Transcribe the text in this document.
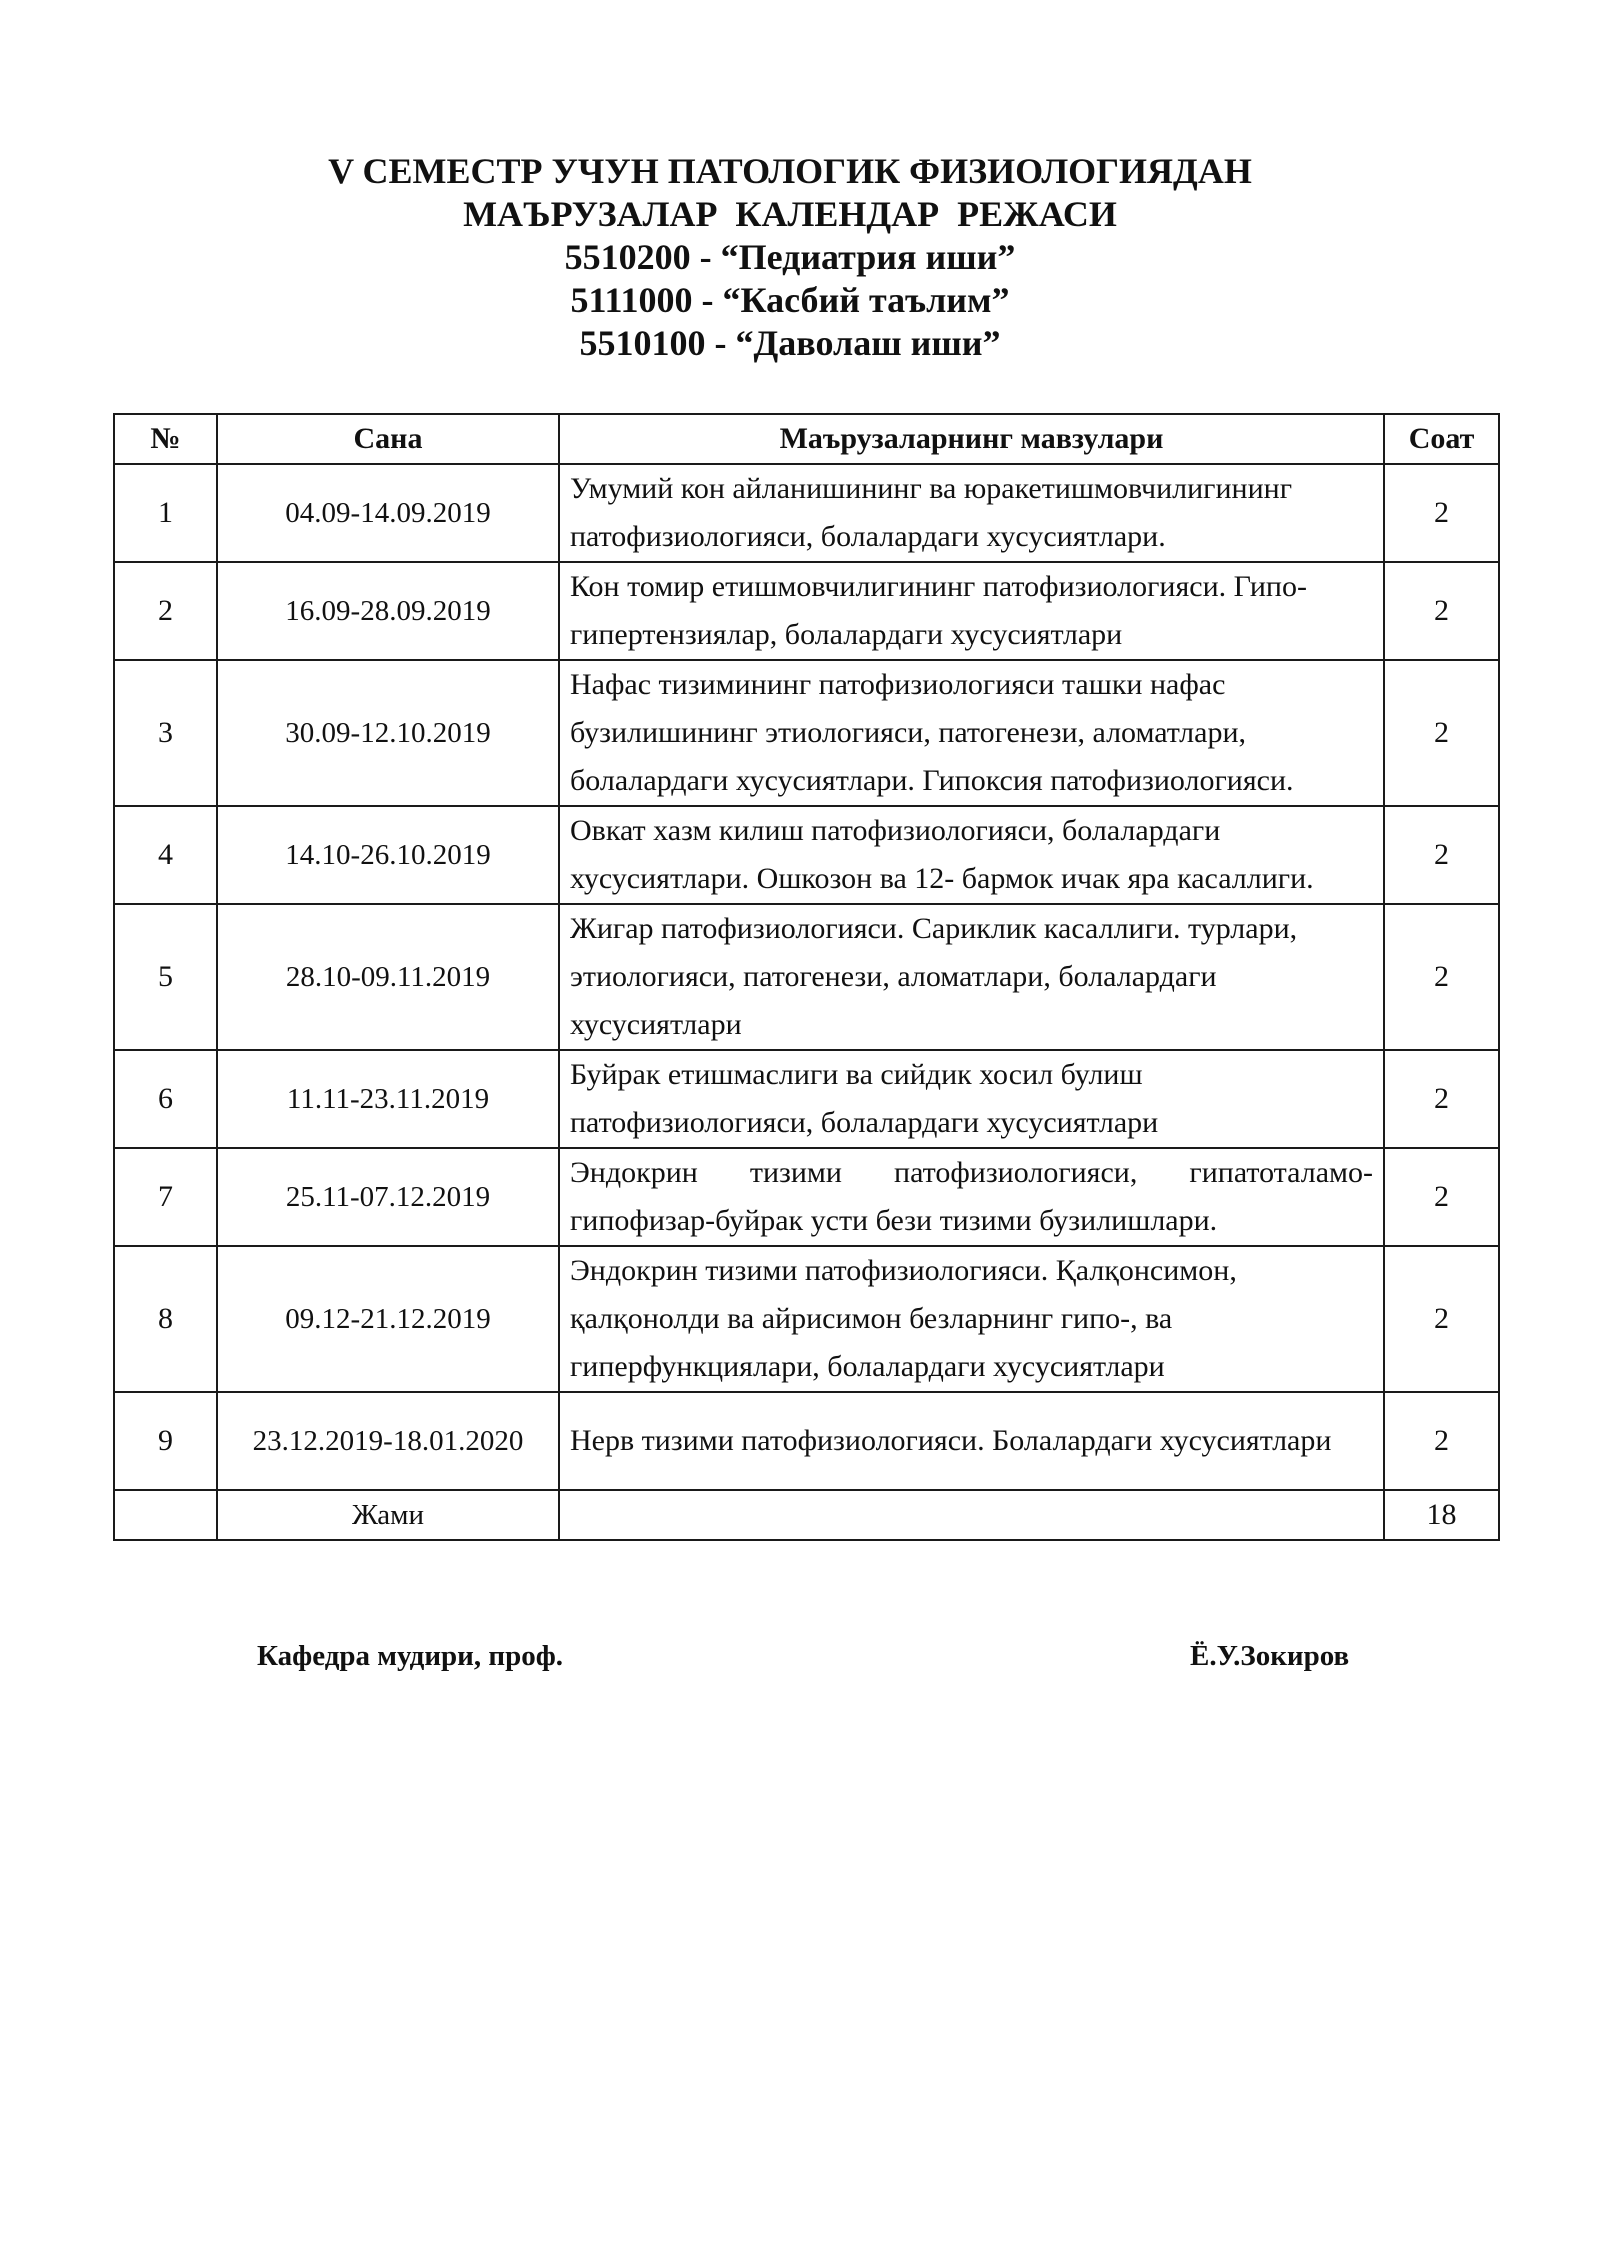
V СЕМЕСТР УЧУН ПАТОЛОГИК ФИЗИОЛОГИЯДАН
МАЪРУЗАЛАР  КАЛЕНДАР  РЕЖАСИ
5510200 - “Педиатрия иши”
5111000 - “Касбий таълим”
5510100 - “Даволаш иши”
№	Сана	Маърузаларнинг мавзулари	Соат
1	04.09-14.09.2019	Умумий кон айланишининг ва юракетишмовчилигининг патофизиологияси, болалардаги хусусиятлари.	2
2	16.09-28.09.2019	Кон томир етишмовчилигининг патофизиологияси. Гипо-гипертензиялар, болалардаги хусусиятлари	2
3	30.09-12.10.2019	Нафас тизимининг патофизиологияси ташки нафас бузилишининг этиологияси, патогенези, аломатлари, болалардаги хусусиятлари. Гипоксия патофизиологияси.	2
4	14.10-26.10.2019	Овкат хазм килиш патофизиологияси, болалардаги хусусиятлари. Ошкозон ва 12- бармок ичак яра касаллиги.	2
5	28.10-09.11.2019	Жигар патофизиологияси. Сариклик касаллиги. турлари, этиологияси, патогенези, аломатлари, болалардаги хусусиятлари	2
6	11.11-23.11.2019	Буйрак етишмаслиги ва сийдик хосил булиш патофизиологияси, болалардаги хусусиятлари	2
7	25.11-07.12.2019	Эндокрин тизими патофизиологияси, гипатоталамо-гипофизар-буйрак усти бези тизими бузилишлари.	2
8	09.12-21.12.2019	Эндокрин тизими патофизиологияси. Қалқонсимон, қалқонолди ва айрисимон безларнинг гипо-, ва гиперфункциялари, болалардаги хусусиятлари	2
9	23.12.2019-18.01.2020	Нерв тизими патофизиологияси. Болалардаги хусусиятлари	2
	Жами		18
Кафедра мудири, проф.	Ё.У.Зокиров
